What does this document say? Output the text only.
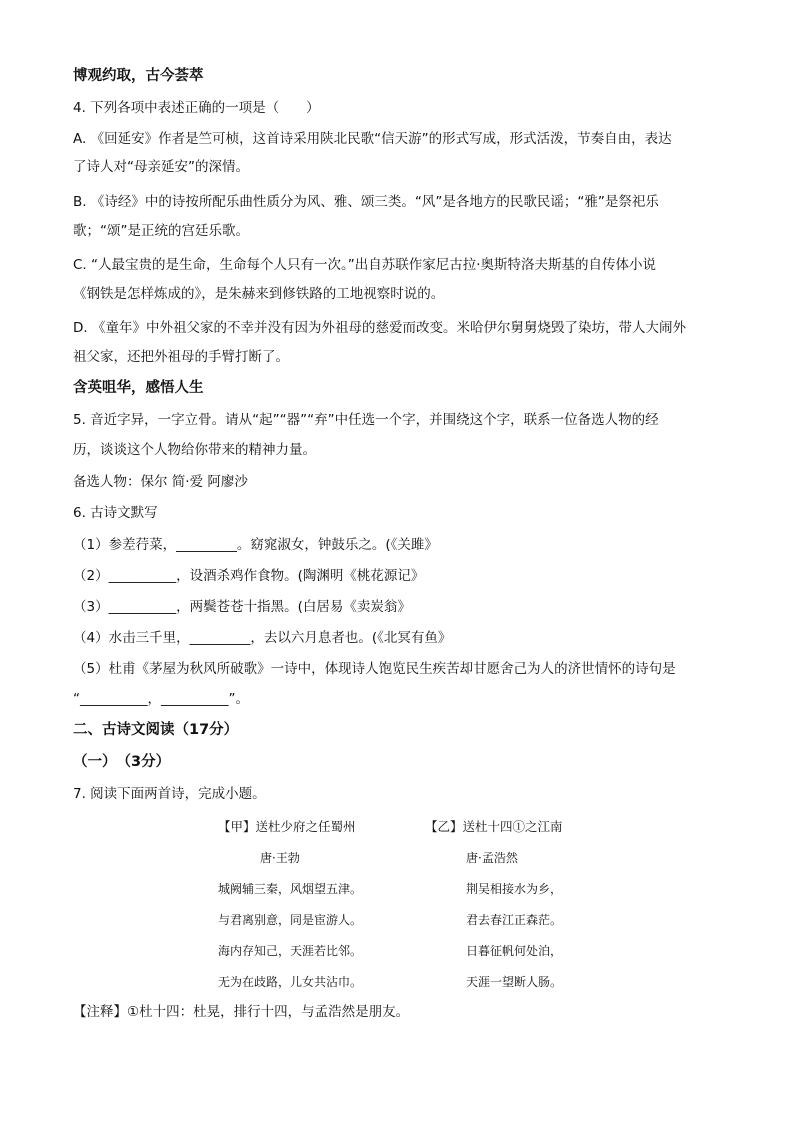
博观约取，古今荟萃
4. 下列各项中表述正确的一项是（　　）
A. 《回延安》作者是竺可桢，这首诗采用陕北民歌“信天游”的形式写成，形式活泼，节奏自由，表达
了诗人对“母亲延安”的深情。
B. 《诗经》中的诗按所配乐曲性质分为风、雅、颂三类。“风”是各地方的民歌民谣；“雅”是祭祀乐
歌；“颂”是正统的宫廷乐歌。
C. “人最宝贵的是生命，生命每个人只有一次。”出自苏联作家尼古拉·奥斯特洛夫斯基的自传体小说
《钢铁是怎样炼成的》，是朱赫来到修铁路的工地视察时说的。
D. 《童年》中外祖父家的不幸并没有因为外祖母的慈爱而改变。米哈伊尔舅舅烧毁了染坊，带人大闹外
祖父家，还把外祖母的手臂打断了。
含英咀华，感悟人生
5. 音近字异，一字立骨。请从“起”“器”“弃”中任选一个字，并围绕这个字，联系一位备选人物的经
历，谈谈这个人物给你带来的精神力量。
备选人物：保尔 简·爱 阿廖沙
6. 古诗文默写
（1）参差荇菜，_________。窈窕淑女，钟鼓乐之。(《关雎》
（2）__________，设酒杀鸡作食物。(陶渊明《桃花源记》
（3）__________，两鬓苍苍十指黑。(白居易《卖炭翁》
（4）水击三千里，_________，去以六月息者也。(《北冥有鱼》
（5）杜甫《茅屋为秋风所破歌》一诗中，体现诗人饱览民生疾苦却甘愿舍己为人的济世情怀的诗句是
“__________，__________”。
二、古诗文阅读（17分）
（一）　（3分）
7. 阅读下面两首诗，完成小题。
【甲】送杜少府之任蜀州
唐·王勃
城阙辅三秦，风烟望五津。
与君离别意，同是宦游人。
海内存知己，天涯若比邻。
无为在歧路，儿女共沾巾。
【乙】送杜十四①之江南
唐·孟浩然
荆吴相接水为乡，
君去春江正森茫。
日暮征帆何处泊，
天涯一望断人肠。
【注释】①杜十四：杜晃，排行十四，与孟浩然是朋友。
